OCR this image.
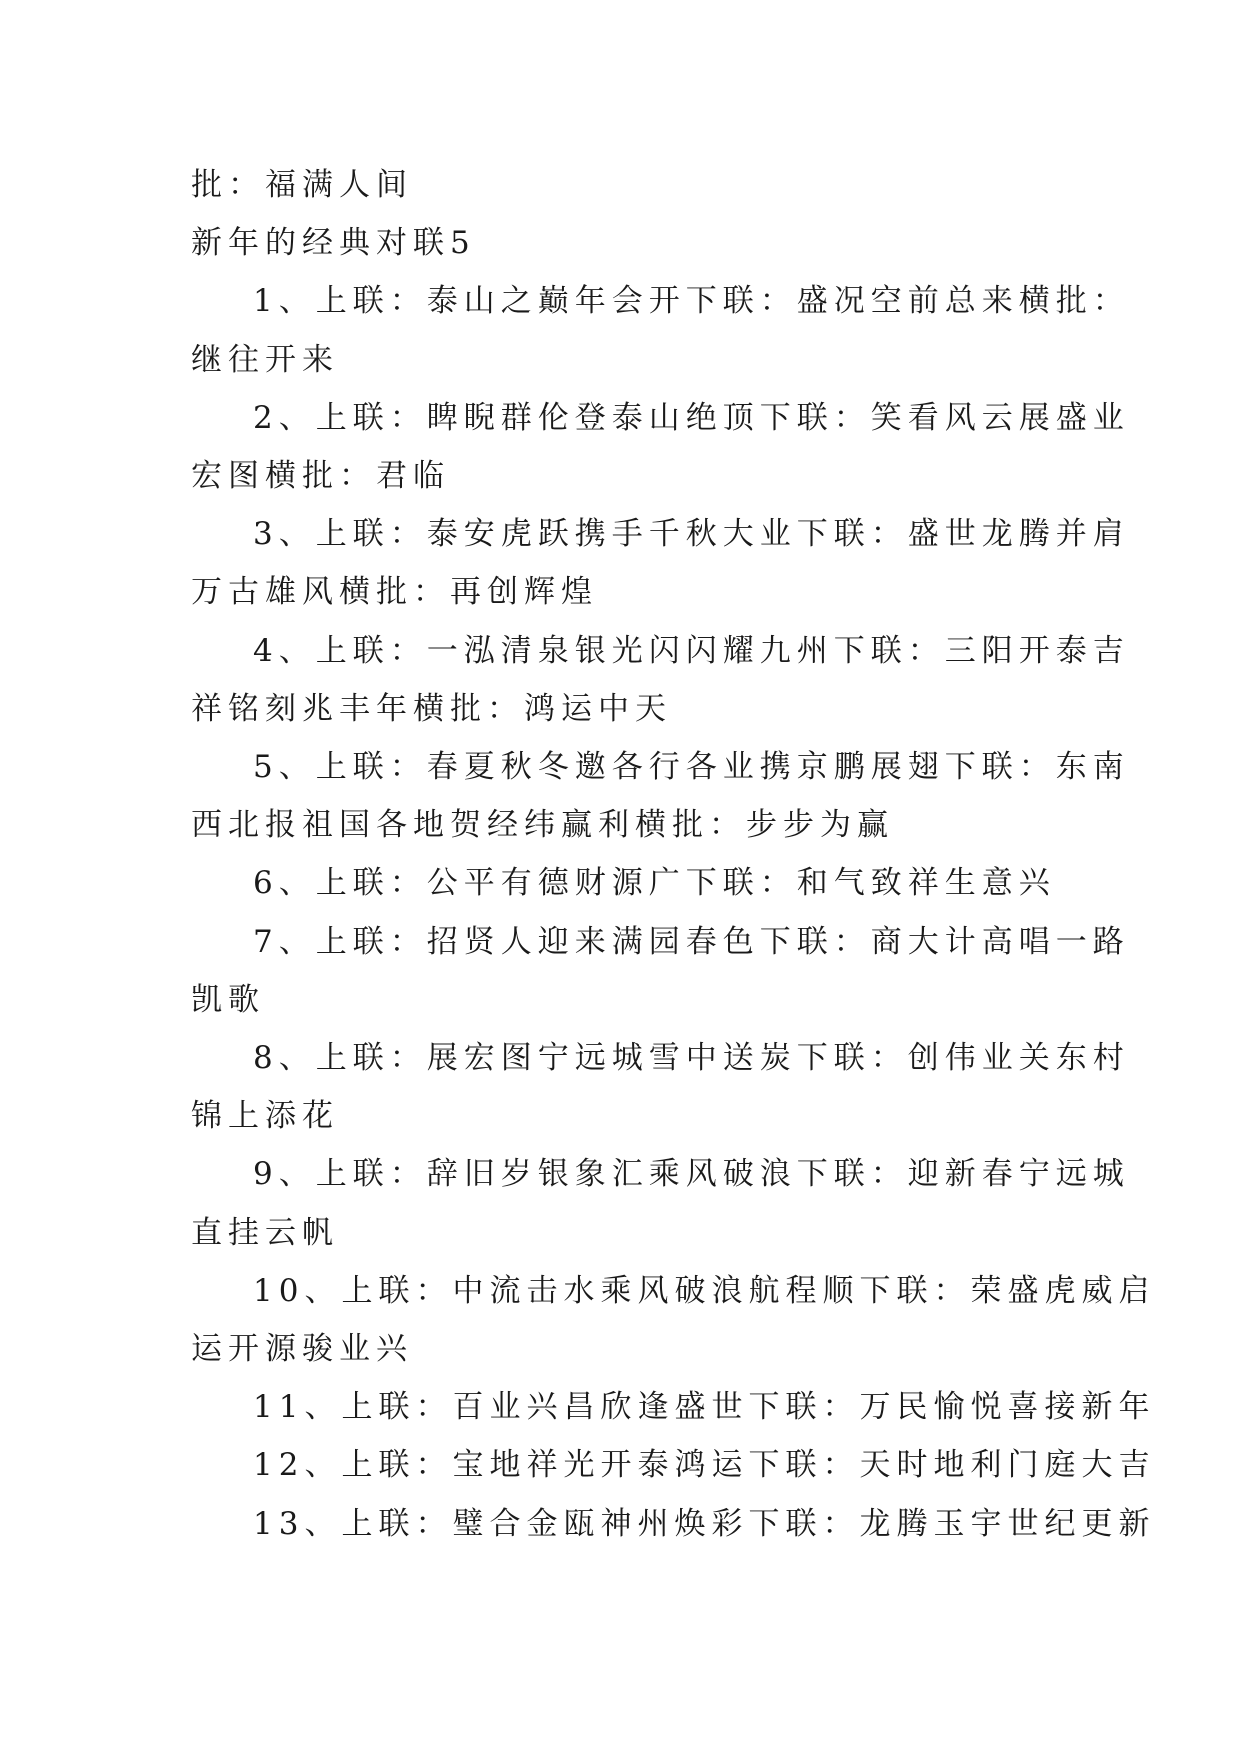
批：福满人间
新年的经典对联5
1、上联：泰山之巅年会开下联：盛况空前总来横批：
继往开来
2、上联：睥睨群伦登泰山绝顶下联：笑看风云展盛业
宏图横批：君临
3、上联：泰安虎跃携手千秋大业下联：盛世龙腾并肩
万古雄风横批：再创辉煌
4、上联：一泓清泉银光闪闪耀九州下联：三阳开泰吉
祥铭刻兆丰年横批：鸿运中天
5、上联：春夏秋冬邀各行各业携京鹏展翅下联：东南
西北报祖国各地贺经纬赢利横批：步步为赢
6、上联：公平有德财源广下联：和气致祥生意兴
7、上联：招贤人迎来满园春色下联：商大计高唱一路
凯歌
8、上联：展宏图宁远城雪中送炭下联：创伟业关东村
锦上添花
9、上联：辞旧岁银象汇乘风破浪下联：迎新春宁远城
直挂云帆
10、上联：中流击水乘风破浪航程顺下联：荣盛虎威启
运开源骏业兴
11、上联：百业兴昌欣逢盛世下联：万民愉悦喜接新年
12、上联：宝地祥光开泰鸿运下联：天时地利门庭大吉
13、上联：璧合金瓯神州焕彩下联：龙腾玉宇世纪更新
